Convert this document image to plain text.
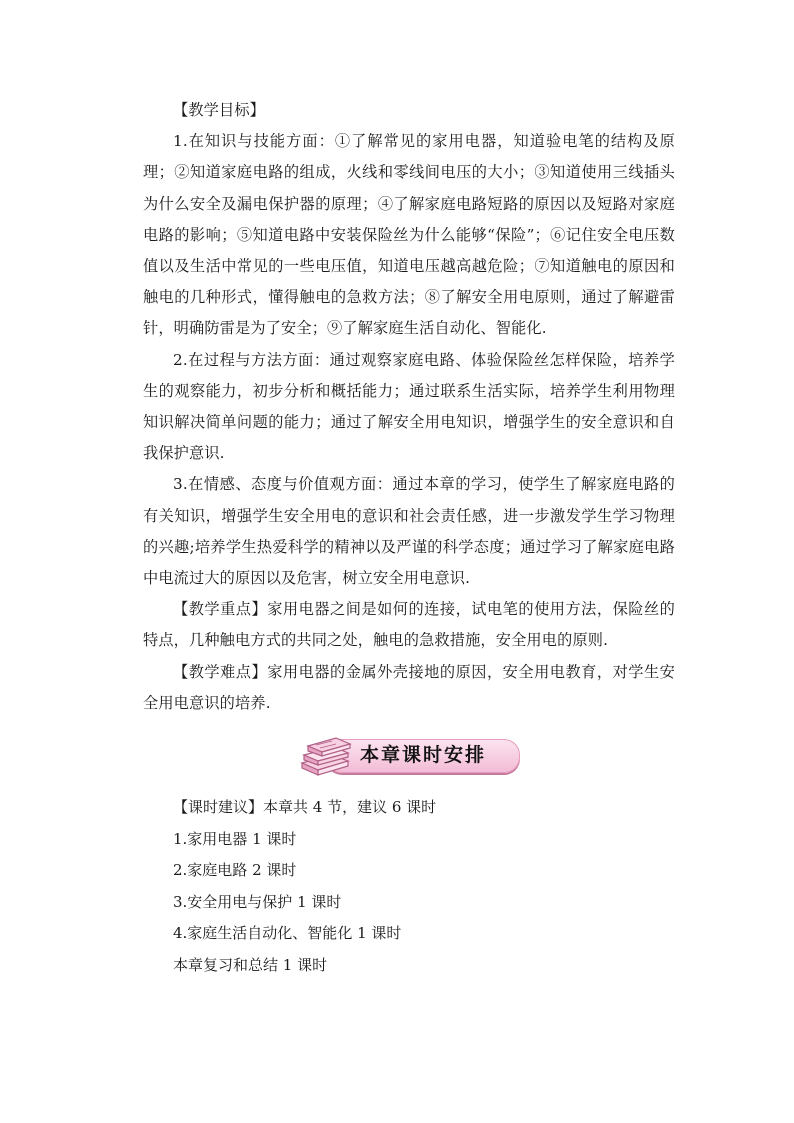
【教学目标】

1.在知识与技能方面：①了解常见的家用电器，知道验电笔的结构及原理；②知道家庭电路的组成，火线和零线间电压的大小；③知道使用三线插头为什么安全及漏电保护器的原理；④了解家庭电路短路的原因以及短路对家庭电路的影响；⑤知道电路中安装保险丝为什么能够“保险”；⑥记住安全电压数值以及生活中常见的一些电压值，知道电压越高越危险；⑦知道触电的原因和触电的几种形式，懂得触电的急救方法；⑧了解安全用电原则，通过了解避雷针，明确防雷是为了安全；⑨了解家庭生活自动化、智能化.

2.在过程与方法方面：通过观察家庭电路、体验保险丝怎样保险，培养学生的观察能力，初步分析和概括能力；通过联系生活实际，培养学生利用物理知识解决简单问题的能力；通过了解安全用电知识，增强学生的安全意识和自我保护意识.

3.在情感、态度与价值观方面：通过本章的学习，使学生了解家庭电路的有关知识，增强学生安全用电的意识和社会责任感，进一步激发学生学习物理的兴趣;培养学生热爱科学的精神以及严谨的科学态度；通过学习了解家庭电路中电流过大的原因以及危害，树立安全用电意识.

【教学重点】家用电器之间是如何的连接，试电笔的使用方法，保险丝的特点，几种触电方式的共同之处，触电的急救措施，安全用电的原则.

【教学难点】家用电器的金属外壳接地的原因，安全用电教育，对学生安全用电意识的培养.

本章课时安排

【课时建议】本章共 4 节，建议 6 课时

1.家用电器 1 课时

2.家庭电路 2 课时

3.安全用电与保护 1 课时

4.家庭生活自动化、智能化 1 课时

本章复习和总结 1 课时
